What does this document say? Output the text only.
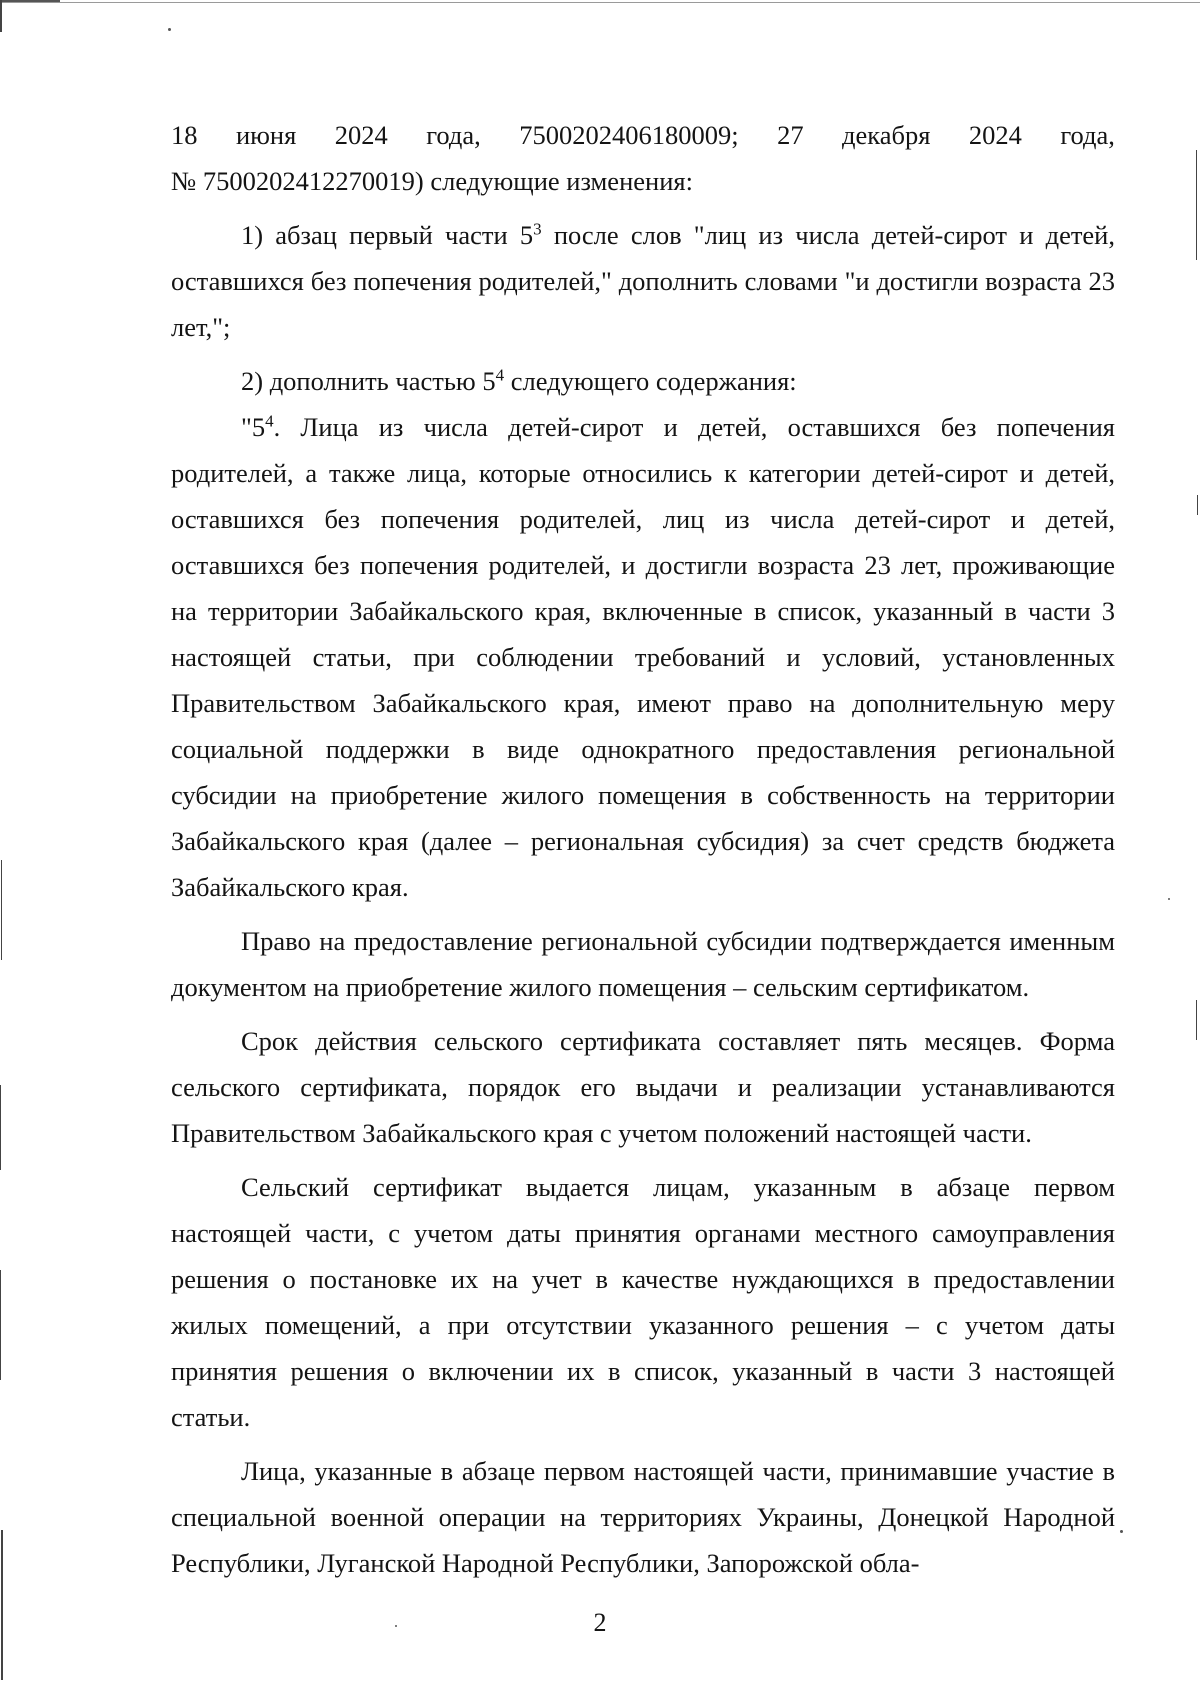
18 июня 2024 года, 7500202406180009; 27 декабря 2024 года,

№ 7500202412270019) следующие изменения:

1) абзац первый части $5^3$ после слов "лиц из числа детей-сирот и детей, оставшихся без попечения родителей," дополнить словами "и достигли возраста 23 лет,";

2) дополнить частью $5^4$ следующего содержания:

"$5^4$. Лица из числа детей-сирот и детей, оставшихся без попечения родителей, а также лица, которые относились к категории детей-сирот и детей, оставшихся без попечения родителей, лиц из числа детей-сирот и детей, оставшихся без попечения родителей, и достигли возраста 23 лет, проживающие на территории Забайкальского края, включенные в список, указанный в части 3 настоящей статьи, при соблюдении требований и условий, установленных Правительством Забайкальского края, имеют право на дополнительную меру социальной поддержки в виде однократного предоставления региональной субсидии на приобретение жилого помещения в собственность на территории Забайкальского края (далее – региональная субсидия) за счет средств бюджета Забайкальского края.

Право на предоставление региональной субсидии подтверждается именным документом на приобретение жилого помещения – сельским сертификатом.

Срок действия сельского сертификата составляет пять месяцев. Форма сельского сертификата, порядок его выдачи и реализации устанавливаются Правительством Забайкальского края с учетом положений настоящей части.

Сельский сертификат выдается лицам, указанным в абзаце первом настоящей части, с учетом даты принятия органами местного самоуправления решения о постановке их на учет в качестве нуждающихся в предоставлении жилых помещений, а при отсутствии указанного решения – с учетом даты принятия решения о включении их в список, указанный в части 3 настоящей статьи.

Лица, указанные в абзаце первом настоящей части, принимавшие участие в специальной военной операции на территориях Украины, Донецкой Народной Республики, Луганской Народной Республики, Запорожской обла-

2
